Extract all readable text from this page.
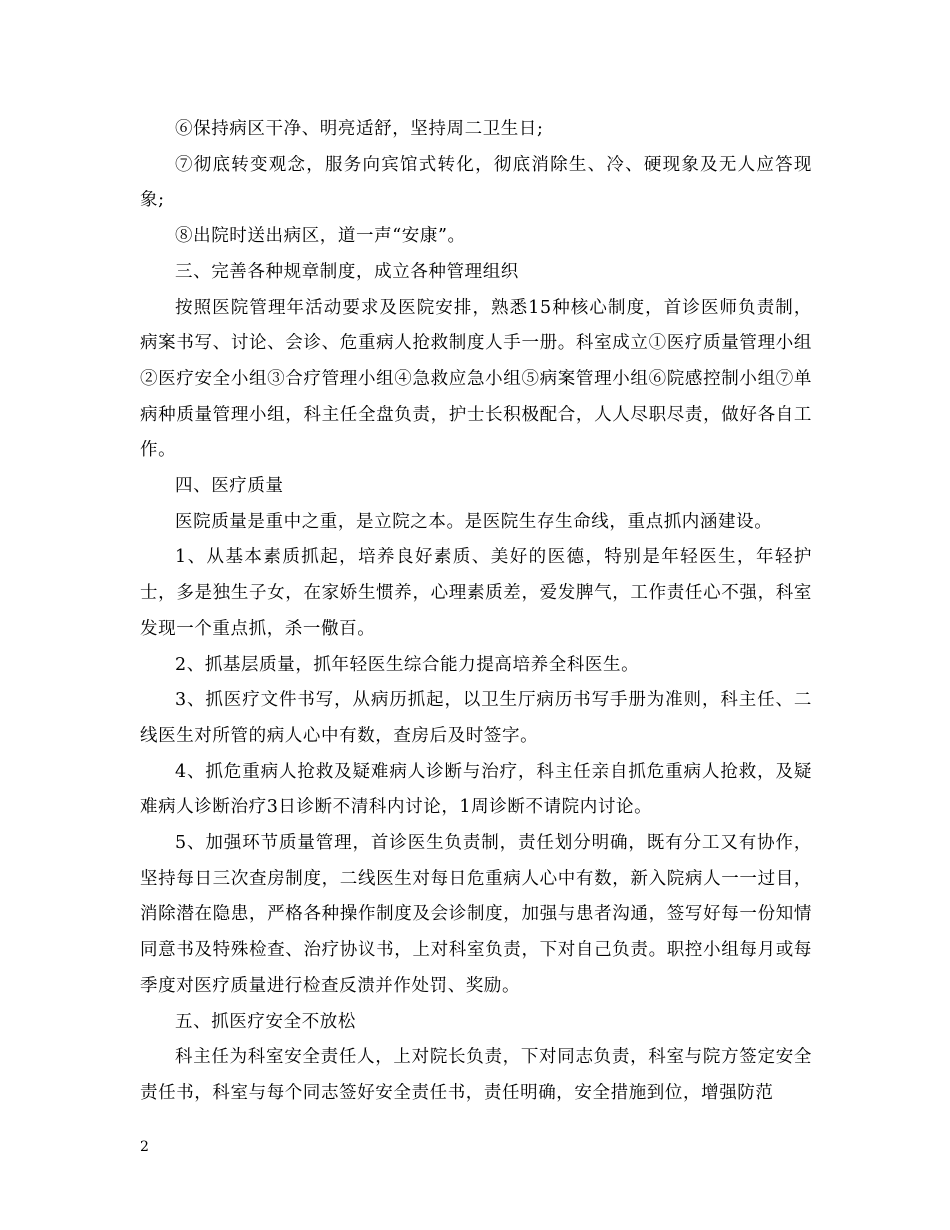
⑥保持病区干净、明亮适舒，坚持周二卫生日;

⑦彻底转变观念，服务向宾馆式转化，彻底消除生、冷、硬现象及无人应答现象;

⑧出院时送出病区，道一声“安康”。

三、完善各种规章制度，成立各种管理组织

按照医院管理年活动要求及医院安排，熟悉15种核心制度，首诊医师负责制，病案书写、讨论、会诊、危重病人抢救制度人手一册。科室成立①医疗质量管理小组②医疗安全小组③合疗管理小组④急救应急小组⑤病案管理小组⑥院感控制小组⑦单病种质量管理小组，科主任全盘负责，护士长积极配合，人人尽职尽责，做好各自工作。

四、医疗质量

医院质量是重中之重，是立院之本。是医院生存生命线，重点抓内涵建设。

1、从基本素质抓起，培养良好素质、美好的医德，特别是年轻医生，年轻护士，多是独生子女，在家娇生惯养，心理素质差，爱发脾气，工作责任心不强，科室发现一个重点抓，杀一儆百。

2、抓基层质量，抓年轻医生综合能力提高培养全科医生。

3、抓医疗文件书写，从病历抓起，以卫生厅病历书写手册为准则，科主任、二线医生对所管的病人心中有数，查房后及时签字。

4、抓危重病人抢救及疑难病人诊断与治疗，科主任亲自抓危重病人抢救，及疑难病人诊断治疗3日诊断不清科内讨论，1周诊断不请院内讨论。

5、加强环节质量管理，首诊医生负责制，责任划分明确，既有分工又有协作，坚持每日三次查房制度，二线医生对每日危重病人心中有数，新入院病人一一过目，消除潜在隐患，严格各种操作制度及会诊制度，加强与患者沟通，签写好每一份知情同意书及特殊检查、治疗协议书，上对科室负责，下对自己负责。职控小组每月或每季度对医疗质量进行检查反溃并作处罚、奖励。

五、抓医疗安全不放松

科主任为科室安全责任人，上对院长负责，下对同志负责，科室与院方签定安全责任书，科室与每个同志签好安全责任书，责任明确，安全措施到位，增强防范

2
